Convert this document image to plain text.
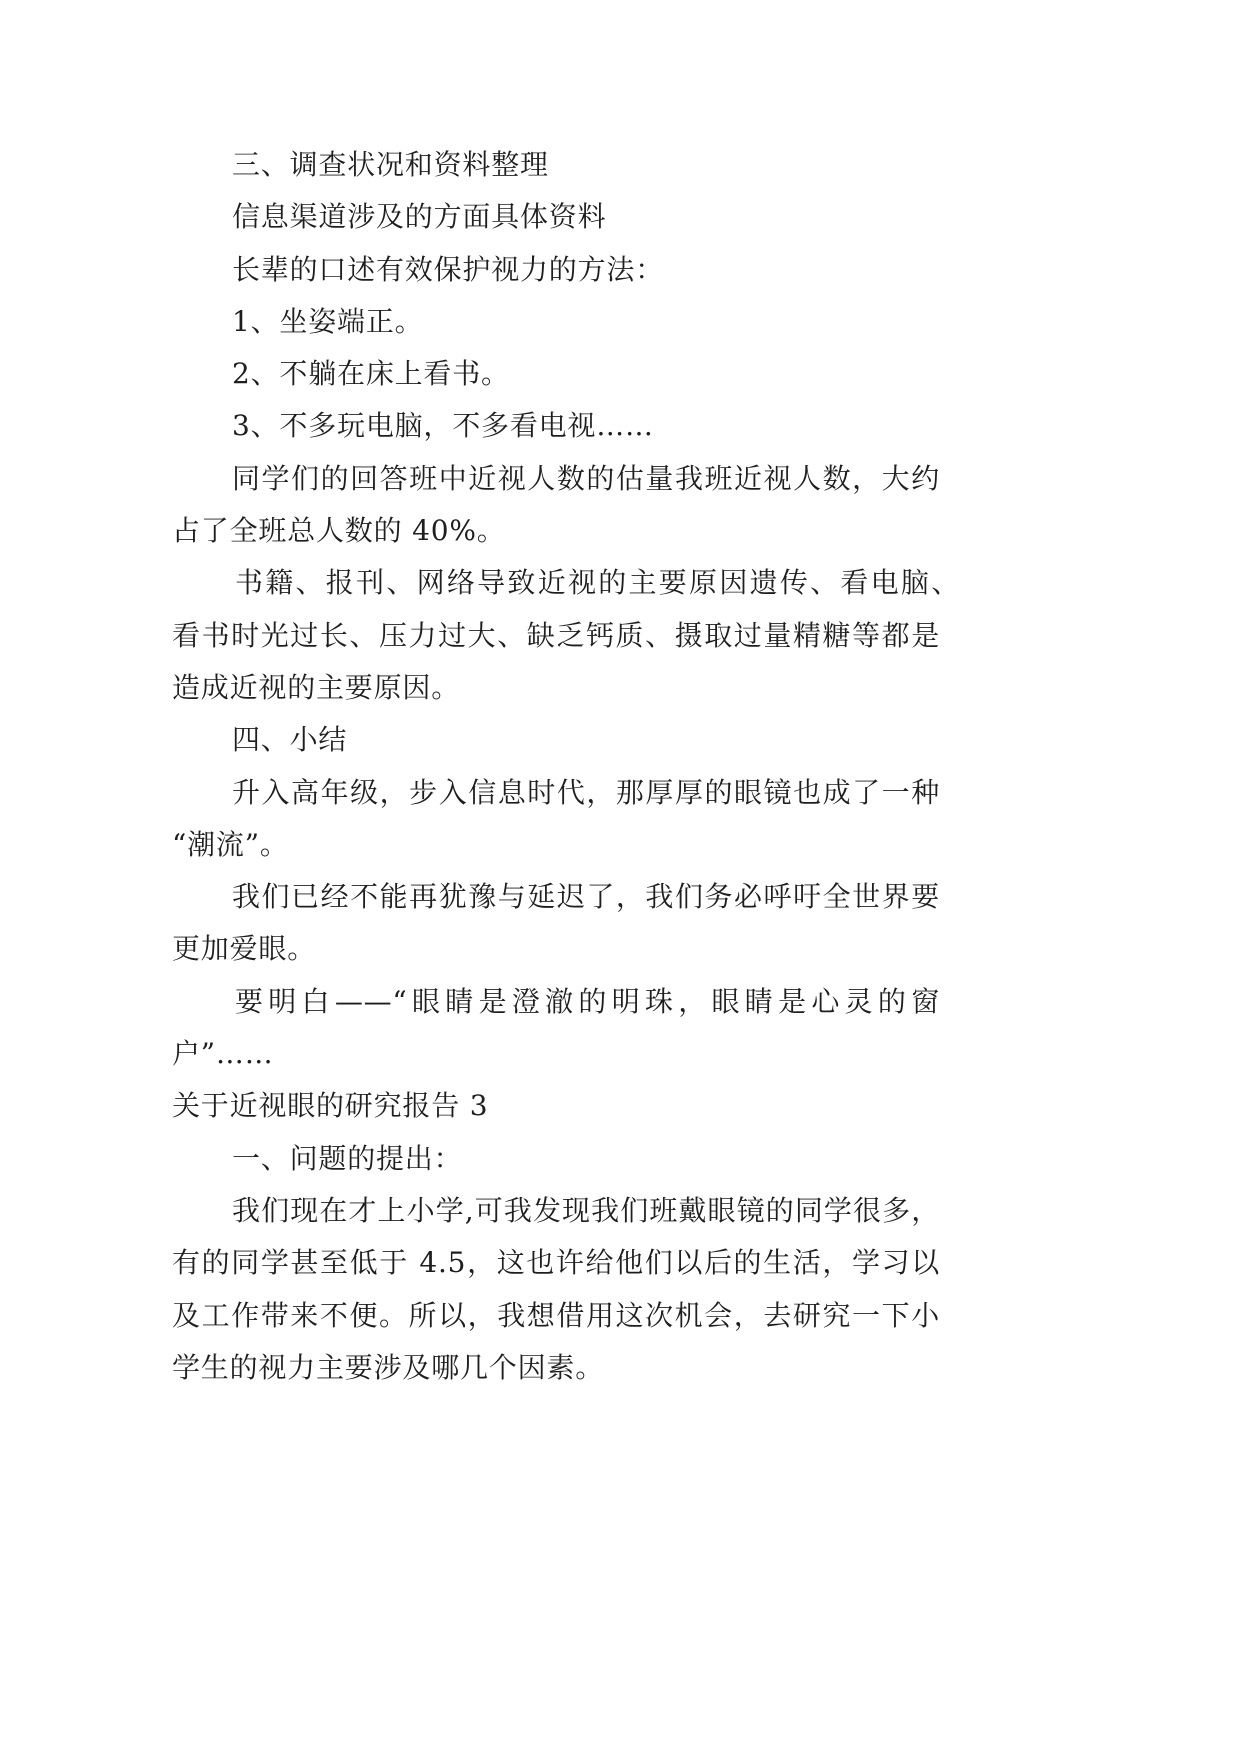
三、调查状况和资料整理
信息渠道涉及的方面具体资料
长辈的口述有效保护视力的方法：
1、坐姿端正。
2、不躺在床上看书。
3、不多玩电脑，不多看电视……
同学们的回答班中近视人数的估量我班近视人数，大约
占了全班总人数的 40%。
书籍、报刊、网络导致近视的主要原因遗传、看电脑、
看书时光过长、压力过大、缺乏钙质、摄取过量精糖等都是
造成近视的主要原因。
四、小结
升入高年级，步入信息时代，那厚厚的眼镜也成了一种
“潮流”。
我们已经不能再犹豫与延迟了，我们务必呼吁全世界要
更加爱眼。
要明白——“眼睛是澄澈的明珠，眼睛是心灵的窗
户”……
关于近视眼的研究报告 3
一、问题的提出：
我们现在才上小学,可我发现我们班戴眼镜的同学很多，
有的同学甚至低于 4.5，这也许给他们以后的生活，学习以
及工作带来不便。所以，我想借用这次机会，去研究一下小
学生的视力主要涉及哪几个因素。
